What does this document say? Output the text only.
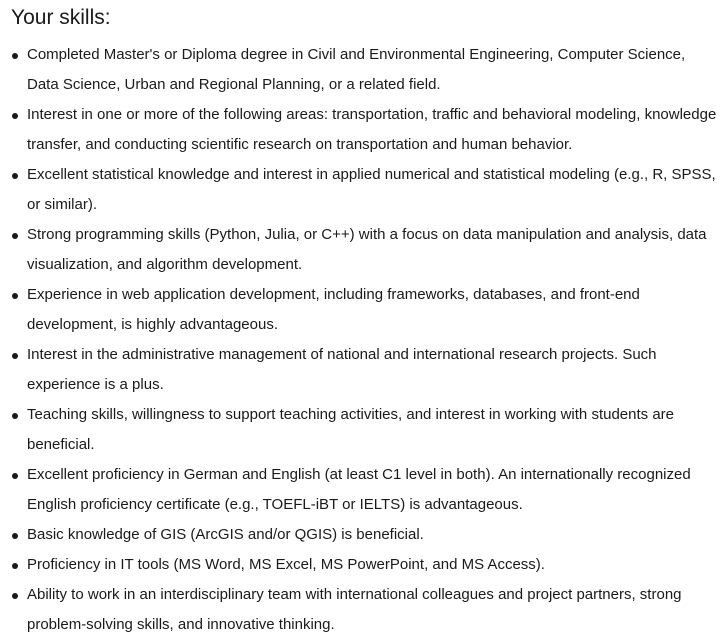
Your skills:
Completed Master's or Diploma degree in Civil and Environmental Engineering, Computer Science, Data Science, Urban and Regional Planning, or a related field.
Interest in one or more of the following areas: transportation, traffic and behavioral modeling, knowledge transfer, and conducting scientific research on transportation and human behavior.
Excellent statistical knowledge and interest in applied numerical and statistical modeling (e.g., R, SPSS, or similar).
Strong programming skills (Python, Julia, or C++) with a focus on data manipulation and analysis, data visualization, and algorithm development.
Experience in web application development, including frameworks, databases, and front-end development, is highly advantageous.
Interest in the administrative management of national and international research projects. Such experience is a plus.
Teaching skills, willingness to support teaching activities, and interest in working with students are beneficial.
Excellent proficiency in German and English (at least C1 level in both). An internationally recognized English proficiency certificate (e.g., TOEFL-iBT or IELTS) is advantageous.
Basic knowledge of GIS (ArcGIS and/or QGIS) is beneficial.
Proficiency in IT tools (MS Word, MS Excel, MS PowerPoint, and MS Access).
Ability to work in an interdisciplinary team with international colleagues and project partners, strong problem-solving skills, and innovative thinking.
